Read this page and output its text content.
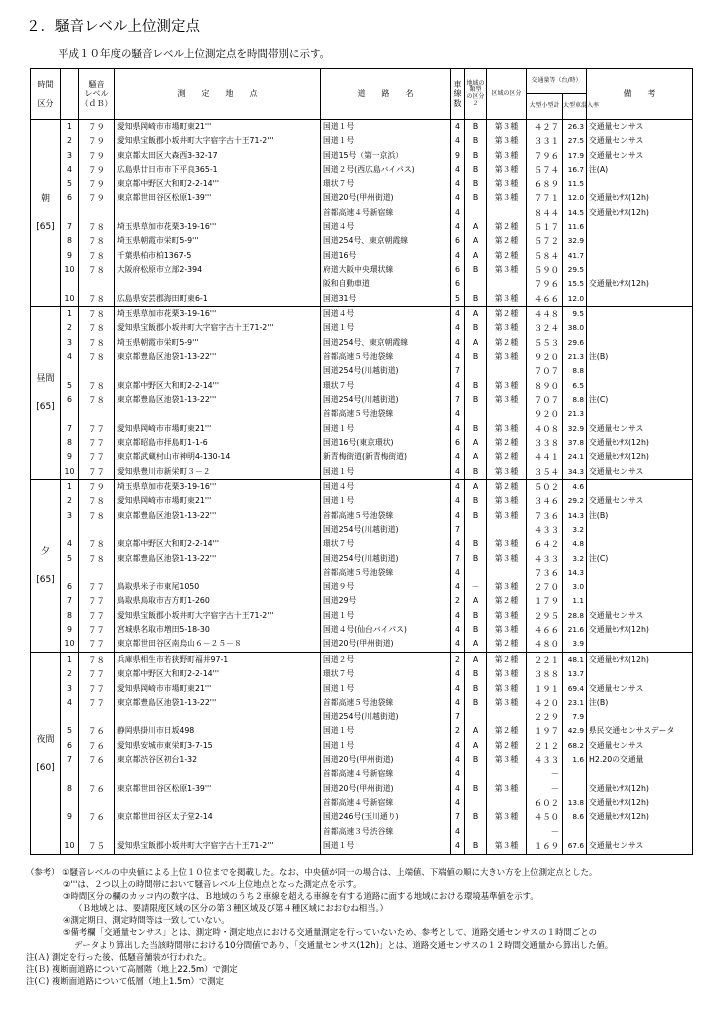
２．騒音レベル上位測定点
平成１０年度の騒音レベル上位測定点を時間帯別に示す。
時間

区分		騒音
レベル
（ｄＢ）	測　　定　　地　　点	道　　路　　名	車
線
数	地域の類型
の区分
２	区域の区分	交通量等（台/時）		備　　考
								大型小型計	大型車混入率	

朝

[65]	1	７９	愛知県岡崎市市場町東21'''	国道１号	4	B	第３種	４２７	26.3	交通量センサス
	2	７９	愛知県宝飯郡小坂井町大字宿字古十王71-2'''	国道１号	4	B	第３種	３３１	27.5	交通量センサス
	3	７９	東京都太田区大森西3-32-17	国道15号（第一京浜）	9	B	第３種	７９６	17.9	交通量センサス
	4	７９	広島県廿日市市下平良365-1	国道２号(西広島バイパス)	4	B	第３種	５７４	16.7	注(A)
	5	７９	東京都中野区大和町2-2-14'''	環状７号	4	B	第３種	６８９	11.5	
	6	７９	東京都世田谷区松原1-39'''	国道20号(甲州街道)	4	B	第３種	７７１	12.0	交通量ｾﾝｻｽ(12h)
				首都高速４号新宿線	4			８４４	14.5	交通量ｾﾝｻｽ(12h)
	7	７８	埼玉県草加市花栗3-19-16'''	国道４号	4	A	第２種	５１７	11.6	
	8	７８	埼玉県朝霞市栄町5-9'''	国道254号、東京朝霞線	6	A	第２種	５７２	32.9	
	9	７８	千葉県柏市柏1367-5	国道16号	4	A	第２種	５８４	41.7	
	10	７８	大阪府松原市立部2-394	府道大阪中央環状線	6	B	第３種	５９０	29.5	
				阪和自動車道	6			７９６	15.5	交通量ｾﾝｻｽ(12h)
	10	７８	広島県安芸郡海田町東6-1	国道31号	5	B	第３種	４６６	12.0	

昼間

[65]	1	７８	埼玉県草加市花栗3-19-16'''	国道４号	4	A	第２種	４４８	9.5	
	2	７８	愛知県宝飯郡小坂井町大字宿字古十王71-2'''	国道１号	4	B	第３種	３２４	38.0	
	3	７８	埼玉県朝霞市栄町5-9'''	国道254号、東京朝霞線	4	A	第２種	５５３	29.6	
	4	７８	東京都豊島区池袋1-13-22'''	首都高速５号池袋線	4	B	第３種	９２０	21.3	注(B)
				国道254号(川越街道)	7			７０７	8.8	
	5	７８	東京都中野区大和町2-2-14'''	環状７号	4	B	第３種	８９０	6.5	
	6	７８	東京都豊島区池袋1-13-22'''	国道254号(川越街道)	7	B	第３種	７０７	8.8	注(C)
				首都高速５号池袋線	4			９２０	21.3	
	7	７７	愛知県岡崎市市場町東21'''	国道１号	4	B	第３種	４０８	32.9	交通量センサス
	8	７７	東京都昭島市拝島町1-1-6	国道16号(東京環状)	6	A	第２種	３３８	37.8	交通量ｾﾝｻｽ(12h)
	9	７７	東京都武蔵村山市神明4-130-14	新青梅街道(新青梅街道)	4	A	第２種	４４１	24.1	交通量ｾﾝｻｽ(12h)
	10	７７	愛知県豊川市新栄町３－２	国道１号	4	B	第３種	３５４	34.3	交通量センサス

夕

[65]	1	７９	埼玉県草加市花栗3-19-16'''	国道４号	4	A	第２種	５０２	4.6	
	2	７８	愛知県岡崎市市場町東21'''	国道１号	4	B	第３種	３４６	29.2	交通量センサス
	3	７８	東京都豊島区池袋1-13-22'''	首都高速５号池袋線	4	B	第３種	７３６	14.3	注(B)
				国道254号(川越街道)	7			４３３	3.2	
	4	７８	東京都中野区大和町2-2-14'''	環状７号	4	B	第３種	６４２	4.8	
	5	７８	東京都豊島区池袋1-13-22'''	国道254号(川越街道)	7	B	第３種	４３３	3.2	注(C)
				首都高速５号池袋線	4			７３６	14.3	
	6	７７	鳥取県米子市東尾1050	国道９号	4	－	第３種	２７０	3.0	
	7	７７	鳥取県鳥取市吉方町1-260	国道29号	2	A	第２種	１７９	1.1	
	8	７７	愛知県宝飯郡小坂井町大字宿字古十王71-2'''	国道１号	4	B	第３種	２９５	28.8	交通量センサス
	9	７７	宮城県名取市増田5-18-30	国道４号(仙台バイパス)	4	B	第３種	４６６	21.6	交通量ｾﾝｻｽ(12h)
	10	７７	東京都世田谷区南烏山６－２５－８	国道20号(甲州街道)	4	A	第２種	４８０	3.9	

夜間

[60]	1	７８	兵庫県相生市若狭野町福井97-1	国道２号	2	A	第２種	２２１	48.1	交通量ｾﾝｻｽ(12h)
	2	７７	東京都中野区大和町2-2-14'''	環状７号	4	B	第３種	３８８	13.7	
	3	７７	愛知県岡崎市市場町東21'''	国道１号	4	B	第３種	１９１	69.4	交通量センサス
	4	７７	東京都豊島区池袋1-13-22'''	首都高速５号池袋線	4	B	第３種	４２０	23.1	注(B)
				国道254号(川越街道)	7			２２９	7.9	
	5	７６	静岡県掛川市日坂498	国道１号	2	A	第２種	１９７	42.9	県民交通センサスデータ
	6	７６	愛知県安城市東栄町3-7-15	国道１号	4	A	第２種	２１２	68.2	交通量センサス
	7	７６	東京都渋谷区初台1-32	国道20号(甲州街道)	4	B	第３種	４３３	1.6	H2.20の交通量
				首都高速４号新宿線	4			－		
	8	７６	東京都世田谷区松原1-39'''	国道20号(甲州街道)	4	B	第３種	－		交通量ｾﾝｻｽ(12h)
				首都高速４号新宿線	4			６０２	13.8	交通量ｾﾝｻｽ(12h)
	9	７６	東京都世田谷区太子堂2-14	国道246号(玉川通り)	7	B	第３種	４５０	8.6	交通量ｾﾝｻｽ(12h)
				首都高速３号渋谷線	4			－		
	10	７５	愛知県宝飯郡小坂井町大字宿字古十王71-2'''	国道１号	4	B	第３種	１６９	67.6	交通量センサス
（参考） ①騒音レベルの中央値による上位１０位までを掲載した。なお、中央値が同一の場合は、上端値、下端値の順に大きい方を上位測定点とした。
②'''は、２つ以上の時間帯において騒音レベル上位地点となった測定点を示す。
③時間区分の欄のカッコ内の数字は、Ｂ地域のうち２車線を超える車線を有する道路に面する地域における環境基準値を示す。
（Ｂ地域とは、要請限度区域の区分の第３種区域及び第４種区域におおむね相当。）
④測定期日、測定時間等は一致していない。
⑤備考欄「交通量センサス」とは、測定時・測定地点における交通量測定を行っていないため、参考として、道路交通センサスの１時間ごとの
データより算出した当該時間帯における10分間値であり、「交通量センサス(12h)」とは、道路交通センサスの１２時間交通量から算出した値。
注(Ａ) 測定を行った後、低騒音舗装が行われた。
注(Ｂ) 複断面道路について高層階（地上22.5m）で測定
注(Ｃ) 複断面道路について低層（地上1.5m）で測定
